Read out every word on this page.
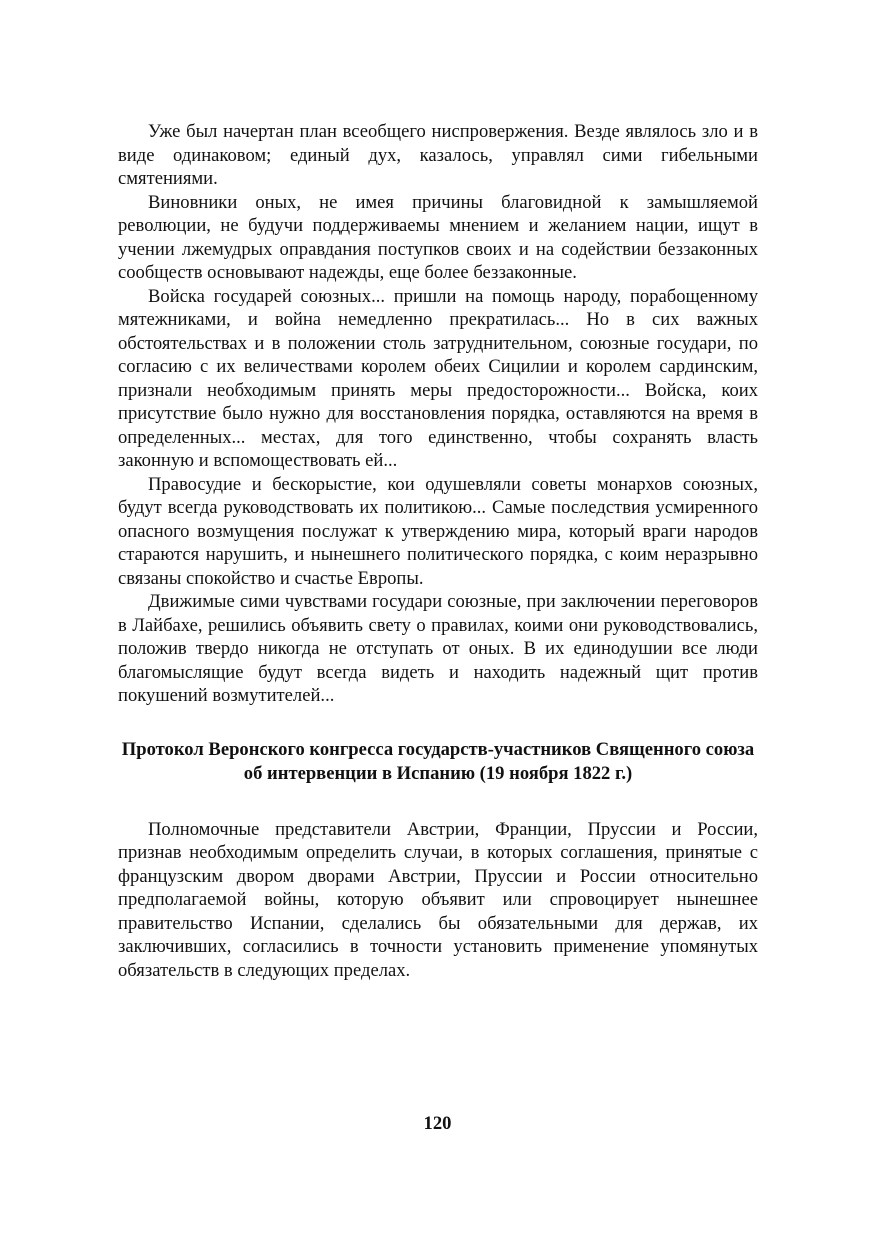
Уже был начертан план всеобщего ниспровержения. Везде являлось зло и в виде одинаковом; единый дух, казалось, управлял сими гибельными смятениями.

Виновники оных, не имея причины благовидной к замышляемой революции, не будучи поддерживаемы мнением и желанием нации, ищут в учении лжемудрых оправдания поступков своих и на содействии беззаконных сообществ основывают надежды, еще более беззаконные.

Войска государей союзных... пришли на помощь народу, порабощенному мятежниками, и война немедленно прекратилась... Но в сих важных обстоятельствах и в положении столь затруднительном, союзные государи, по согласию с их величествами королем обеих Сицилии и королем сардинским, признали необходимым принять меры предосторожности... Войска, коих присутствие было нужно для восстановления порядка, оставляются на время в определенных... местах, для того единственно, чтобы сохранять власть законную и вспомоществовать ей...

Правосудие и бескорыстие, кои одушевляли советы монархов союзных, будут всегда руководствовать их политикою... Самые последствия усмиренного опасного возмущения послужат к утверждению мира, который враги народов стараются нарушить, и нынешнего политического порядка, с коим неразрывно связаны спокойство и счастье Европы.

Движимые сими чувствами государи союзные, при заключении переговоров в Лайбахе, решились объявить свету о правилах, коими они руководствовались, положив твердо никогда не отступать от оных. В их единодушии все люди благомыслящие будут всегда видеть и находить надежный щит против покушений возмутителей...

Протокол Веронского конгресса государств-участников Священного союза об интервенции в Испанию (19 ноября 1822 г.)

Полномочные представители Австрии, Франции, Пруссии и России, признав необходимым определить случаи, в которых соглашения, принятые с французским двором дворами Австрии, Пруссии и России относительно предполагаемой войны, которую объявит или спровоцирует нынешнее правительство Испании, сделались бы обязательными для держав, их заключивших, согласились в точности установить применение упомянутых обязательств в следующих пределах.

120
